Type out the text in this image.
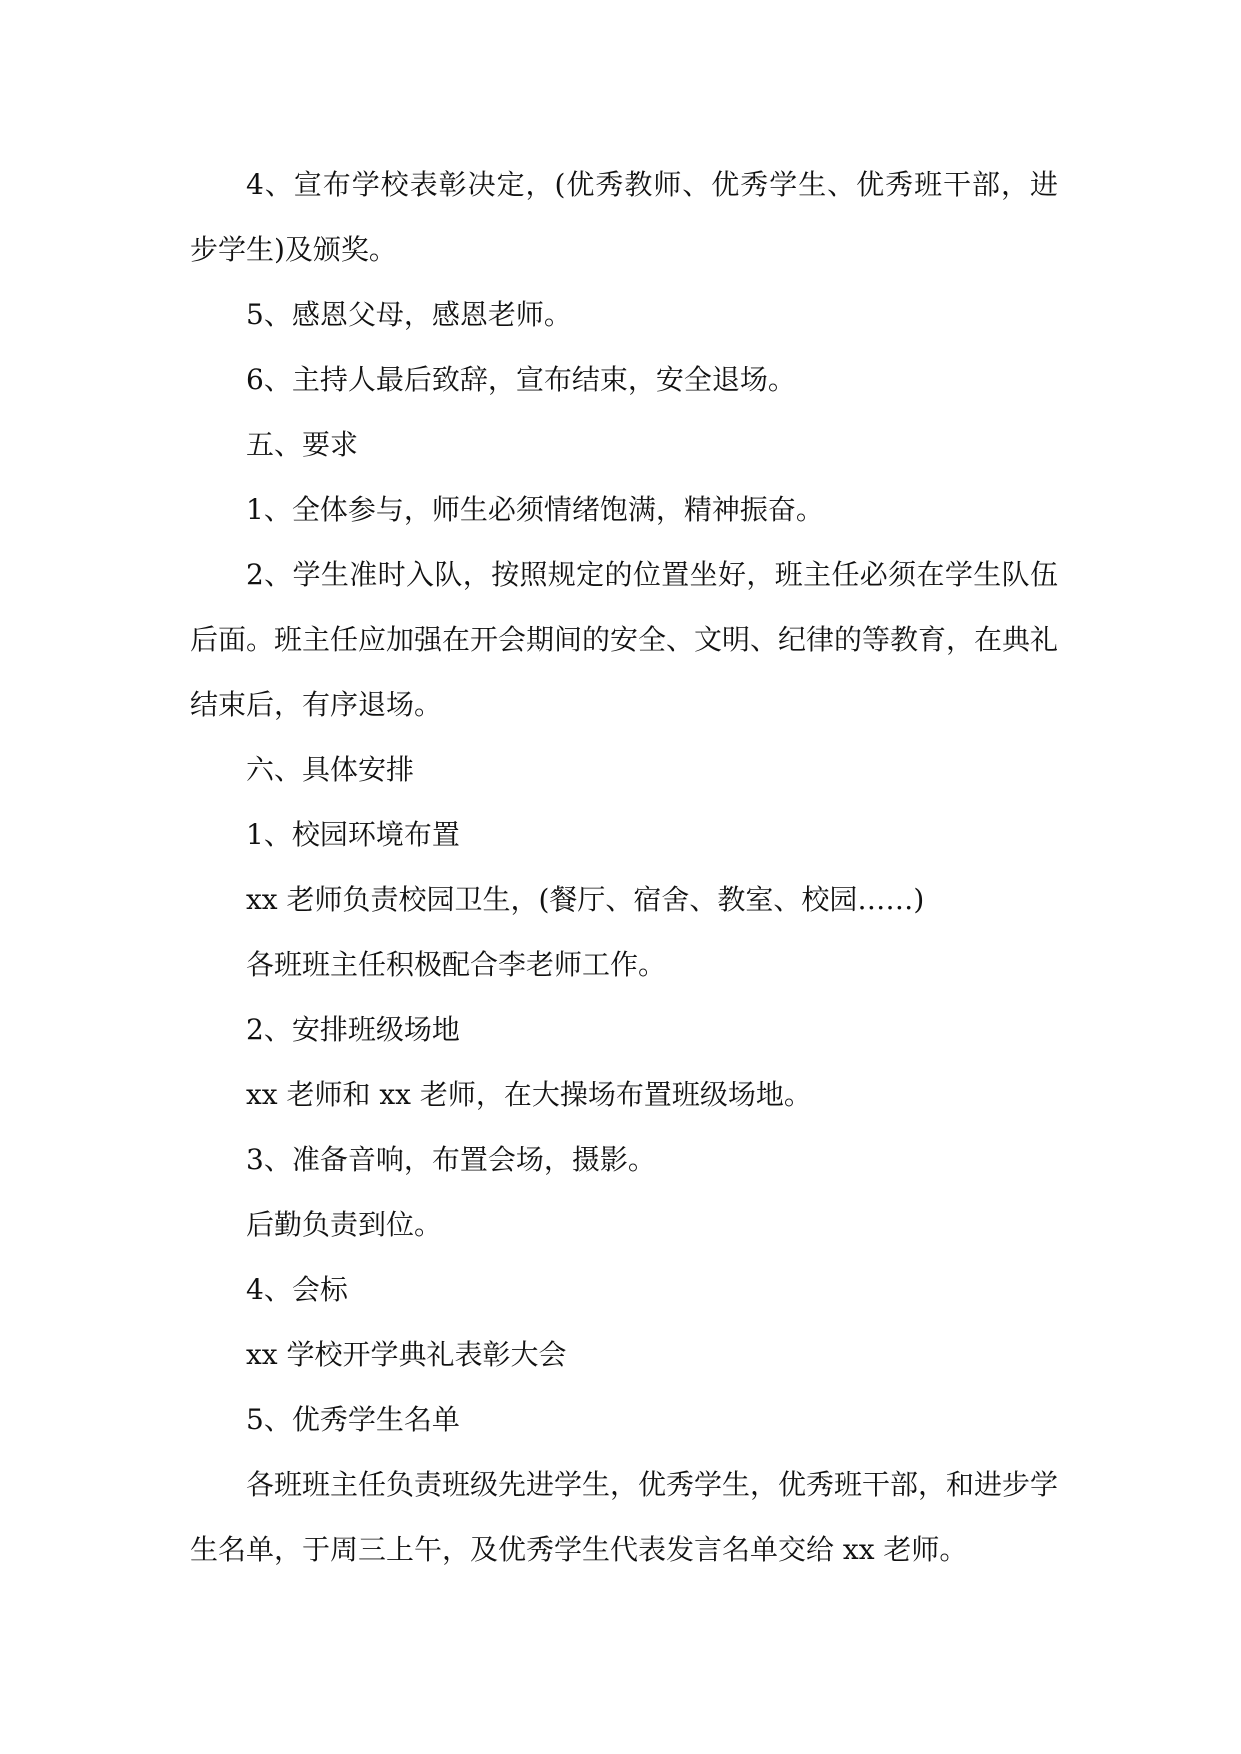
4、宣布学校表彰决定，(优秀教师、优秀学生、优秀班干部，进步学生)及颁奖。

5、感恩父母，感恩老师。

6、主持人最后致辞，宣布结束，安全退场。

五、要求

1、全体参与，师生必须情绪饱满，精神振奋。

2、学生准时入队，按照规定的位置坐好，班主任必须在学生队伍后面。班主任应加强在开会期间的安全、文明、纪律的等教育，在典礼结束后，有序退场。

六、具体安排

1、校园环境布置

xx 老师负责校园卫生，(餐厅、宿舍、教室、校园……)

各班班主任积极配合李老师工作。

2、安排班级场地

xx 老师和 xx 老师，在大操场布置班级场地。

3、准备音响，布置会场，摄影。

后勤负责到位。

4、会标

xx 学校开学典礼表彰大会

5、优秀学生名单

各班班主任负责班级先进学生，优秀学生，优秀班干部，和进步学生名单，于周三上午，及优秀学生代表发言名单交给 xx 老师。
